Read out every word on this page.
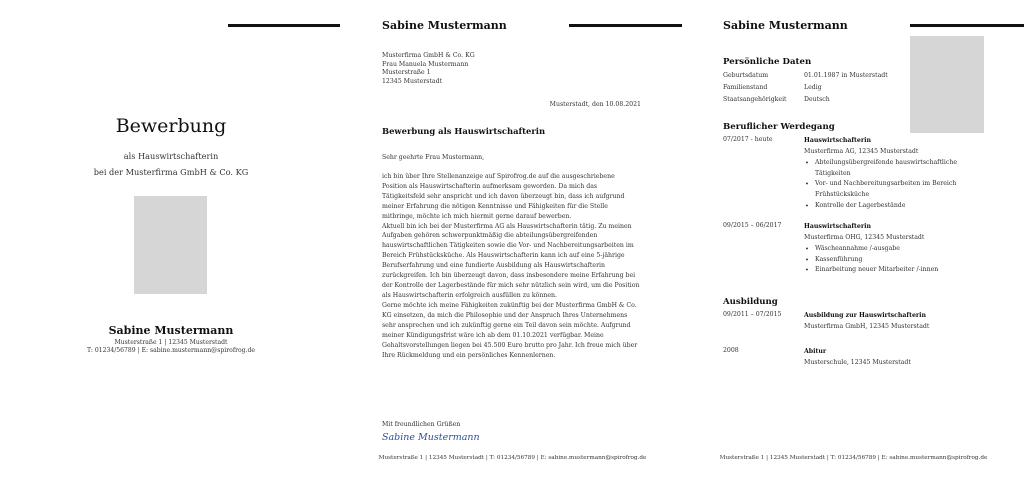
Bewerbung
als Hauswirtschafterin
bei der Musterfirma GmbH & Co. KG
Sabine Mustermann
Musterstraße 1 | 12345 Musterstadt
T: 01234/56789 | E: sabine.mustermann@spirofrog.de
Sabine Mustermann
Musterfirma GmbH & Co. KG
Frau Manuela Mustermann
Musterstraße 1
12345 Musterstadt
Musterstadt, den 10.08.2021
Bewerbung als Hauswirtschafterin

Sehr geehrte Frau Mustermann,

ich bin über Ihre Stellenanzeige auf Spirofrog.de auf die ausgeschriebene Position als Hauswirtschafterin aufmerksam geworden. Da mich das Tätigkeitsfeld sehr anspricht und ich davon überzeugt bin, dass ich aufgrund meiner Erfahrung die nötigen Kenntnisse und Fähigkeiten für die Stelle mitbringe, möchte ich mich hiermit gerne darauf bewerben.

Aktuell bin ich bei der Musterfirma AG als Hauswirtschafterin tätig. Zu meinen Aufgaben gehören schwerpunktmäßig die abteilungsübergreifenden hauswirtschaftlichen Tätigkeiten sowie die Vor- und Nachbereitungsarbeiten im Bereich Frühstücksküche. Als Hauswirtschafterin kann ich auf eine 5-jährige Berufserfahrung und eine fundierte Ausbildung als Hauswirtschafterin zurückgreifen. Ich bin überzeugt davon, dass insbesondere meine Erfahrung bei der Kontrolle der Lagerbestände für mich sehr nützlich sein wird, um die Position als Hauswirtschafterin erfolgreich ausfüllen zu können.

Gerne möchte ich meine Fähigkeiten zukünftig bei der Musterfirma GmbH & Co. KG einsetzen, da mich die Philosophie und der Anspruch Ihres Unternehmens sehr ansprechen und ich zukünftig gerne ein Teil davon sein möchte. Aufgrund meiner Kündigungsfrist wäre ich ab dem 01.10.2021 verfügbar. Meine Gehaltsvorstellungen liegen bei 45.500 Euro brutto pro Jahr. Ich freue mich über Ihre Rückmeldung und ein persönliches Kennenlernen.

Mit freundlichen Grüßen
Sabine Mustermann
Musterstraße 1 | 12345 Musterstadt | T: 01234/56789 | E: sabine.mustermann@spirofrog.de
Sabine Mustermann
Persönliche Daten
Geburtsdatum	01.01.1987 in Musterstadt
Familienstand	Ledig
Staatsangehörigkeit	Deutsch
Beruflicher Werdegang
07/2017 - heute	Hauswirtschafterin
Musterfirma AG, 12345 Musterstadt
• Abteilungsübergreifende hauswirtschaftliche Tätigkeiten
• Vor- und Nachbereitungsarbeiten im Bereich Frühstücksküche
• Kontrolle der Lagerbestände
09/2015 – 06/2017	Hauswirtschafterin
Musterfirma OHG, 12345 Musterstadt
• Wäscheannahme /-ausgabe
• Kassenführung
• Einarbeitung neuer Mitarbeiter /-innen
Ausbildung
09/2011 – 07/2015	Ausbildung zur Hauswirtschafterin
Musterfirma GmbH, 12345 Musterstadt
2008	Abitur
Musterschule, 12345 Musterstadt
Musterstraße 1 | 12345 Musterstadt | T: 01234/56789 | E: sabine.mustermann@spirofrog.de
